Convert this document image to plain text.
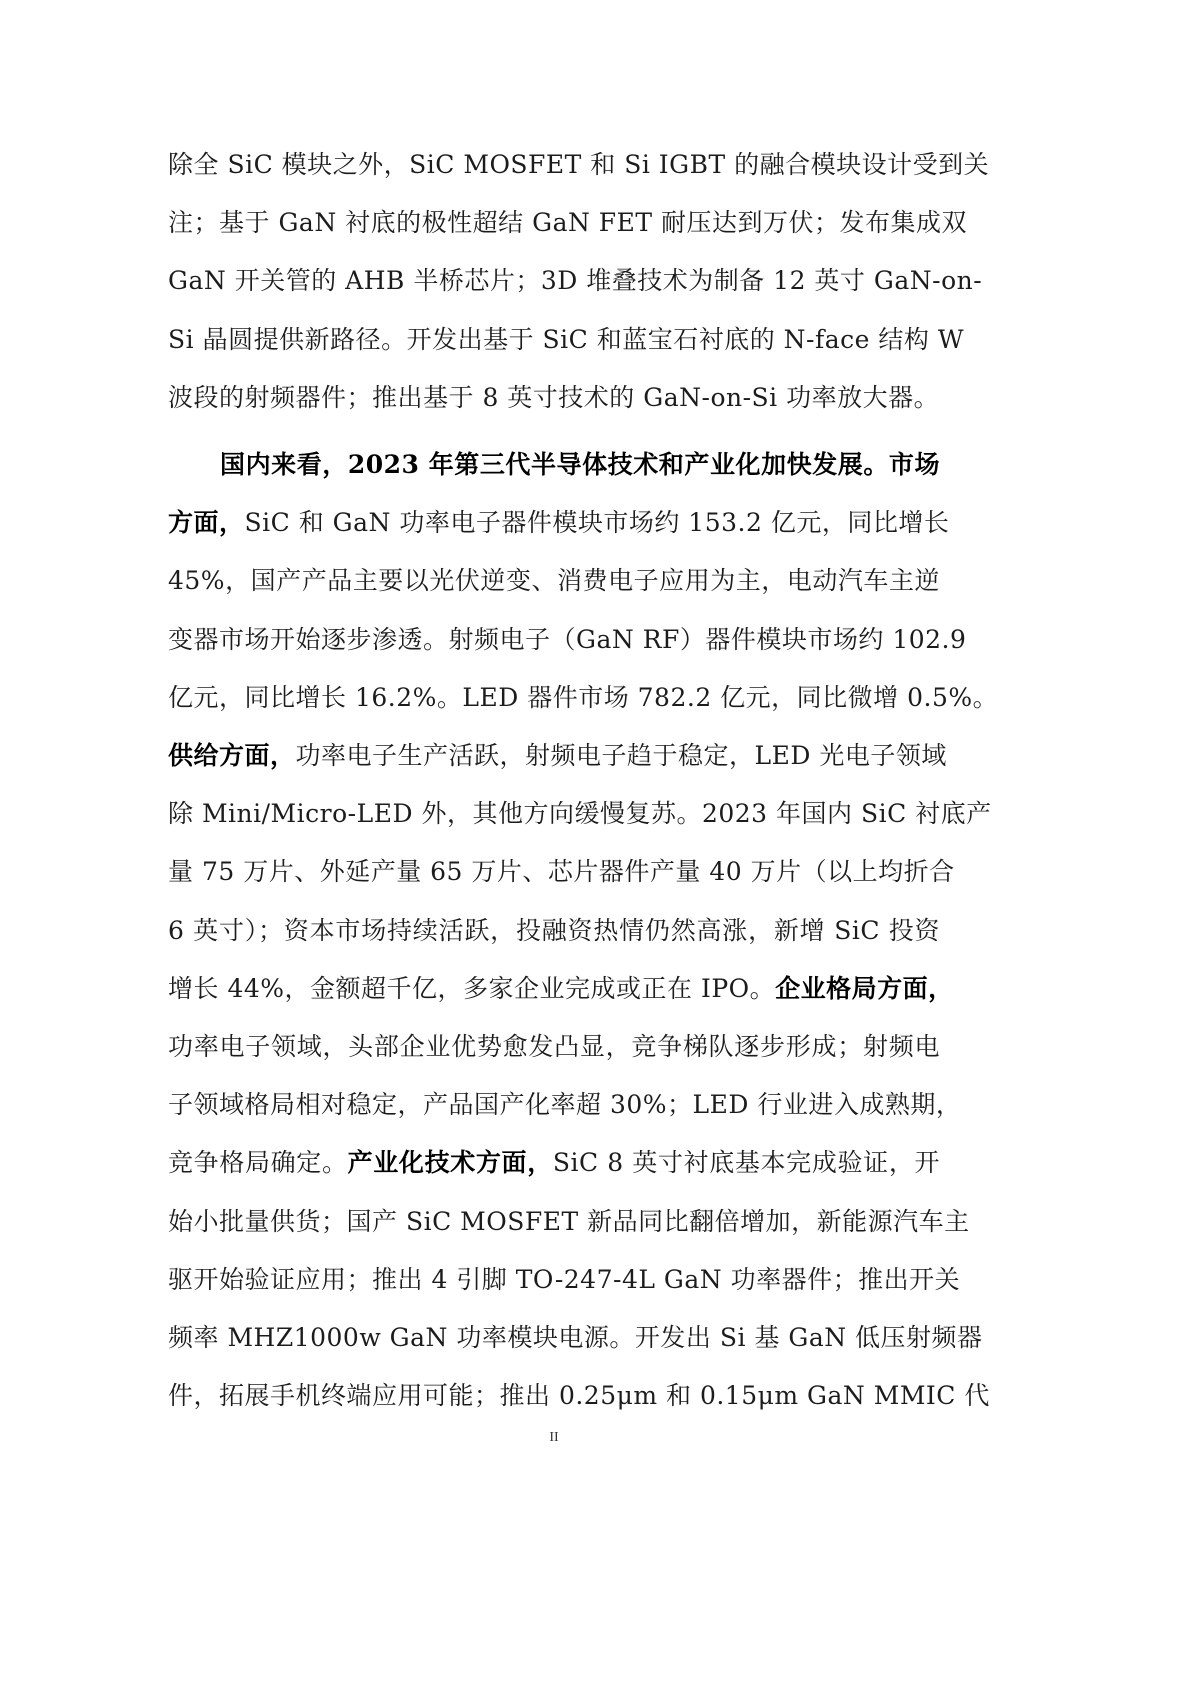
除全 SiC 模块之外，SiC MOSFET 和 Si IGBT 的融合模块设计受到关
注；基于 GaN 衬底的极性超结 GaN FET 耐压达到万伏；发布集成双
GaN 开关管的 AHB 半桥芯片；3D 堆叠技术为制备 12 英寸 GaN-on-
Si 晶圆提供新路径。开发出基于 SiC 和蓝宝石衬底的 N-face 结构 W
波段的射频器件；推出基于 8 英寸技术的 GaN-on-Si 功率放大器。
国内来看，2023 年第三代半导体技术和产业化加快发展。市场
方面，SiC 和 GaN 功率电子器件模块市场约 153.2 亿元，同比增长
45%，国产产品主要以光伏逆变、消费电子应用为主，电动汽车主逆
变器市场开始逐步渗透。射频电子（GaN RF）器件模块市场约 102.9
亿元，同比增长 16.2%。LED 器件市场 782.2 亿元，同比微增 0.5%。
供给方面，功率电子生产活跃，射频电子趋于稳定，LED 光电子领域
除 Mini/Micro-LED 外，其他方向缓慢复苏。2023 年国内 SiC 衬底产
量 75 万片、外延产量 65 万片、芯片器件产量 40 万片（以上均折合
6 英寸）；资本市场持续活跃，投融资热情仍然高涨，新增 SiC 投资
增长 44%，金额超千亿，多家企业完成或正在 IPO。企业格局方面，
功率电子领域，头部企业优势愈发凸显，竞争梯队逐步形成；射频电
子领域格局相对稳定，产品国产化率超 30%；LED 行业进入成熟期，
竞争格局确定。产业化技术方面，SiC 8 英寸衬底基本完成验证，开
始小批量供货；国产 SiC MOSFET 新品同比翻倍增加，新能源汽车主
驱开始验证应用；推出 4 引脚 TO-247-4L GaN 功率器件；推出开关
频率 MHZ1000w GaN 功率模块电源。开发出 Si 基 GaN 低压射频器
件，拓展手机终端应用可能；推出 0.25μm 和 0.15μm GaN MMIC 代
II
